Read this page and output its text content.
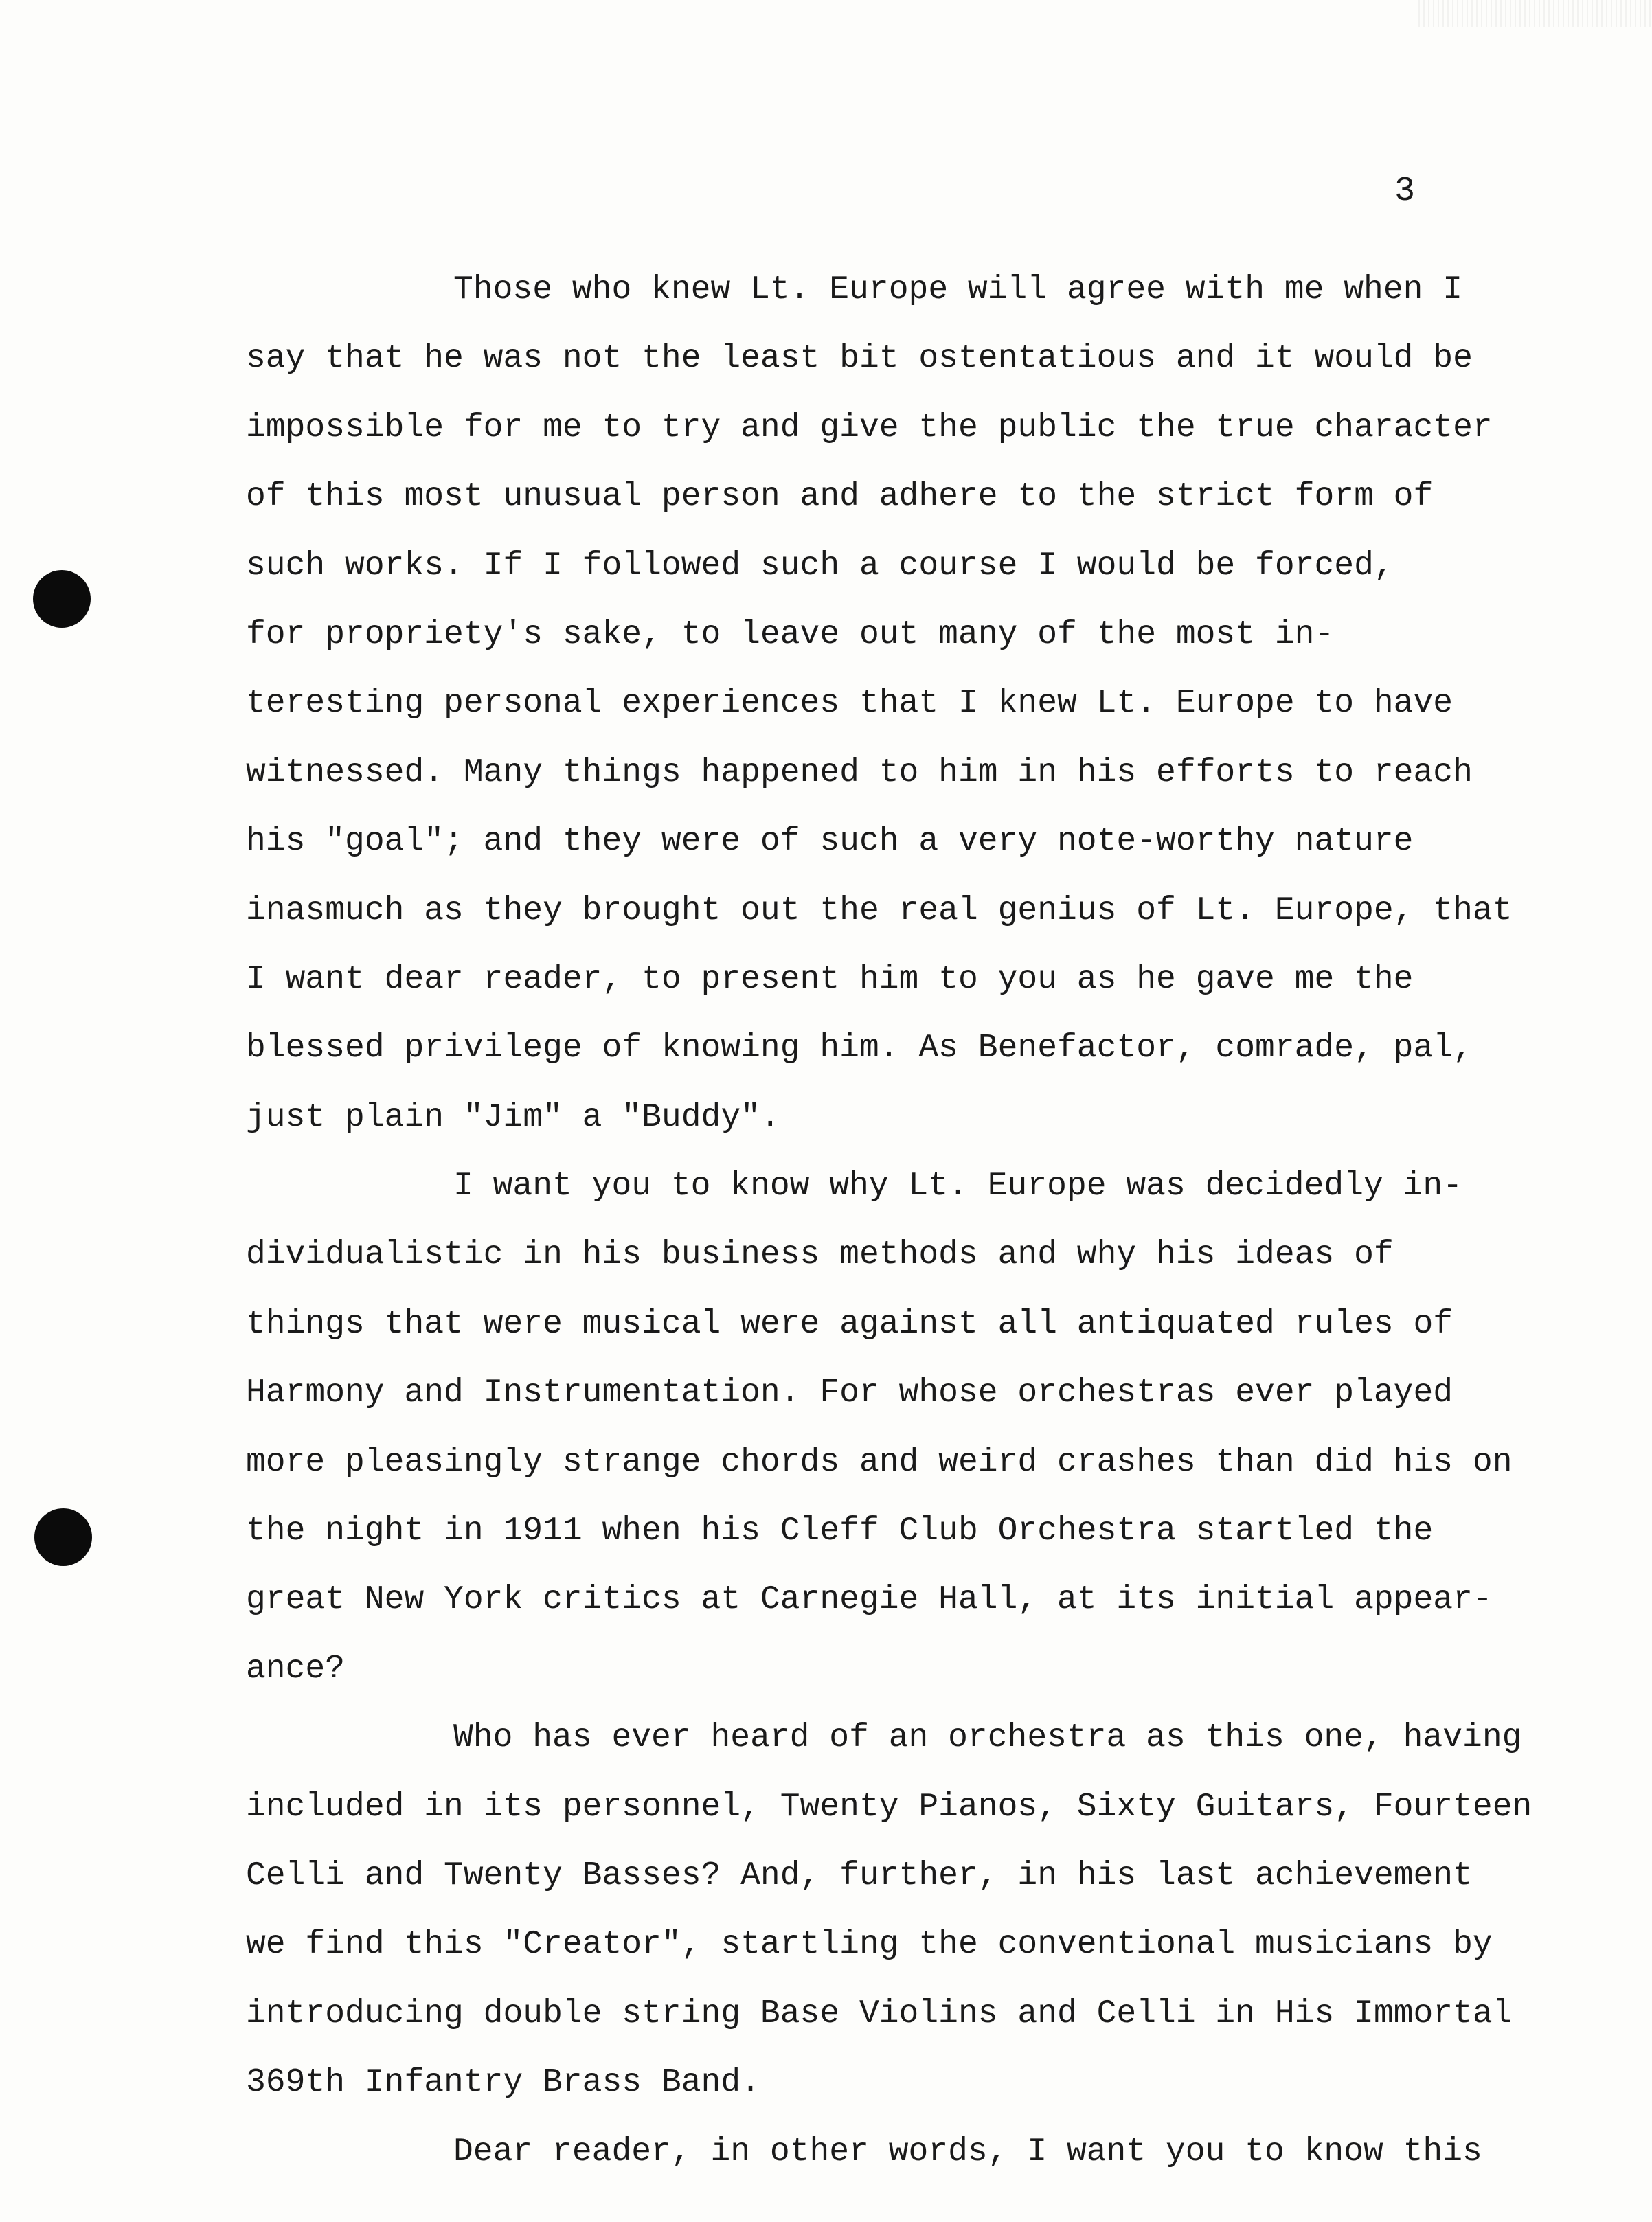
3
Those who knew Lt. Europe will agree with me when I
say that he was not the least bit ostentatious and it would be
impossible for me to try and give the public the true character
of this most unusual person and adhere to the strict form of
such works. If I followed such a course I would be forced,
for propriety's sake, to leave out many of the most in-
teresting personal experiences that I knew Lt. Europe to have
witnessed. Many things happened to him in his efforts to reach
his "goal"; and they were of such a very note-worthy nature
inasmuch as they brought out the real genius of Lt. Europe, that
I want dear reader, to present him to you as he gave me the
blessed privilege of knowing him. As Benefactor, comrade, pal,
just plain "Jim" a "Buddy".
I want you to know why Lt. Europe was decidedly in-
dividualistic in his business methods and why his ideas of
things that were musical were against all antiquated rules of
Harmony and Instrumentation. For whose orchestras ever played
more pleasingly strange chords and weird crashes than did his on
the night in 1911 when his Cleff Club Orchestra startled the
great New York critics at Carnegie Hall, at its initial appear-
ance?
Who has ever heard of an orchestra as this one, having
included in its personnel, Twenty Pianos, Sixty Guitars, Fourteen
Celli and Twenty Basses? And, further, in his last achievement
we find this "Creator", startling the conventional musicians by
introducing double string Base Violins and Celli in His Immortal
369th Infantry Brass Band.
Dear reader, in other words, I want you to know this
